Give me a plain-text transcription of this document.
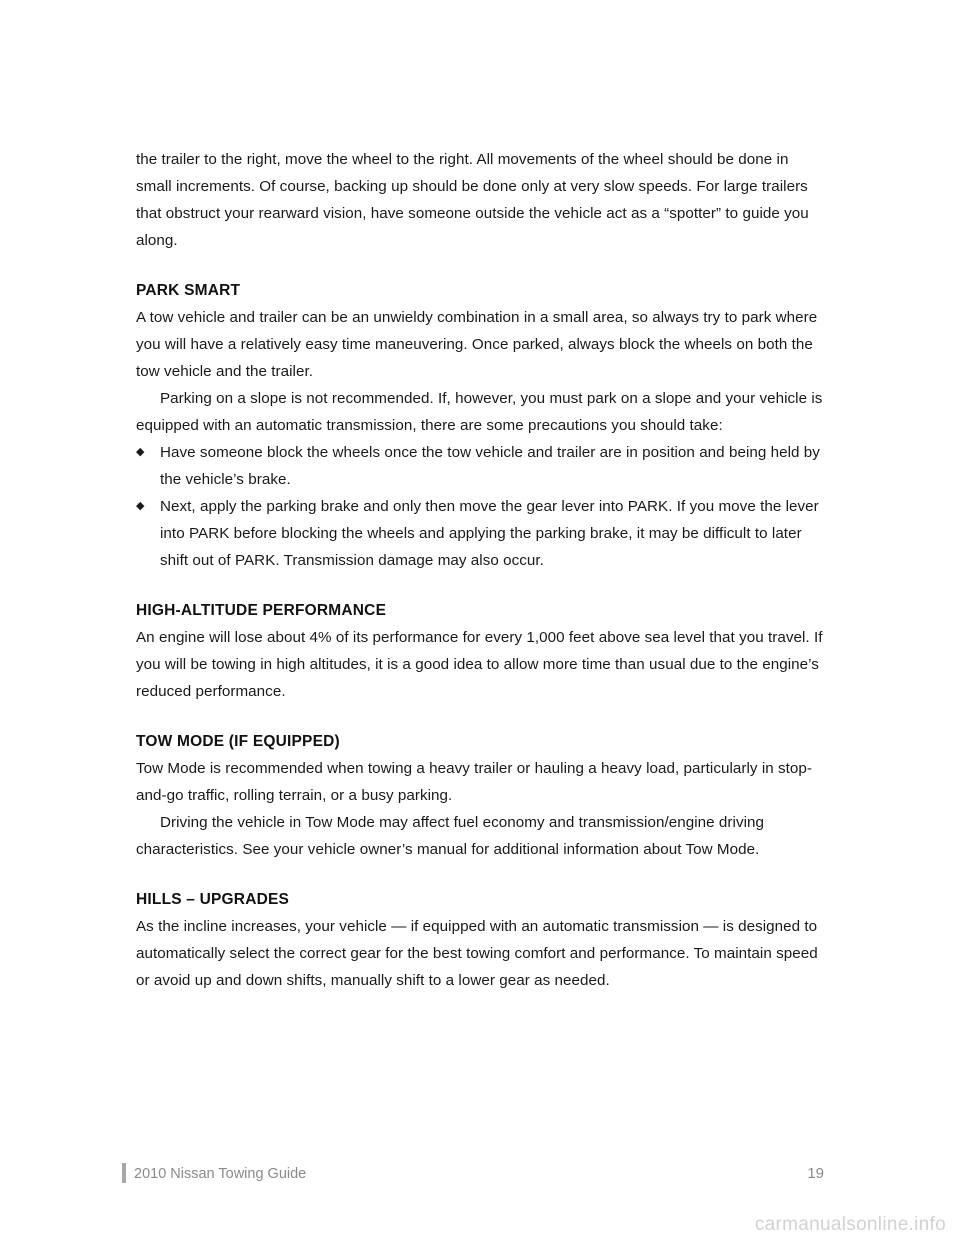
the trailer to the right, move the wheel to the right. All movements of the wheel should be done in small increments. Of course, backing up should be done only at very slow speeds. For large trailers that obstruct your rearward vision, have someone outside the vehicle act as a “spotter” to guide you along.

PARK SMART

A tow vehicle and trailer can be an unwieldy combination in a small area, so always try to park where you will have a relatively easy time maneuvering. Once parked, always block the wheels on both the tow vehicle and the trailer.

Parking on a slope is not recommended. If, however, you must park on a slope and your vehicle is equipped with an automatic transmission, there are some precautions you should take:

◆	Have someone block the wheels once the tow vehicle and trailer are in position and being held by the vehicle’s brake.
◆	Next, apply the parking brake and only then move the gear lever into PARK. If you move the lever into PARK before blocking the wheels and applying the parking brake, it may be difficult to later shift out of PARK. Transmission damage may also occur.
HIGH-ALTITUDE PERFORMANCE

An engine will lose about 4% of its performance for every 1,000 feet above sea level that you travel. If you will be towing in high altitudes, it is a good idea to allow more time than usual due to the engine’s reduced performance.

TOW MODE (IF EQUIPPED)

Tow Mode is recommended when towing a heavy trailer or hauling a heavy load, particularly in stop-and-go traffic, rolling terrain, or a busy parking.

Driving the vehicle in Tow Mode may affect fuel economy and transmission/engine driving characteristics. See your vehicle owner’s manual for additional information about Tow Mode.

HILLS – UPGRADES

As the incline increases, your vehicle — if equipped with an automatic transmission — is designed to automatically select the correct gear for the best towing comfort and performance. To maintain speed or avoid up and down shifts, manually shift to a lower gear as needed.

2010 Nissan Towing Guide	19
carmanualsonline.info
